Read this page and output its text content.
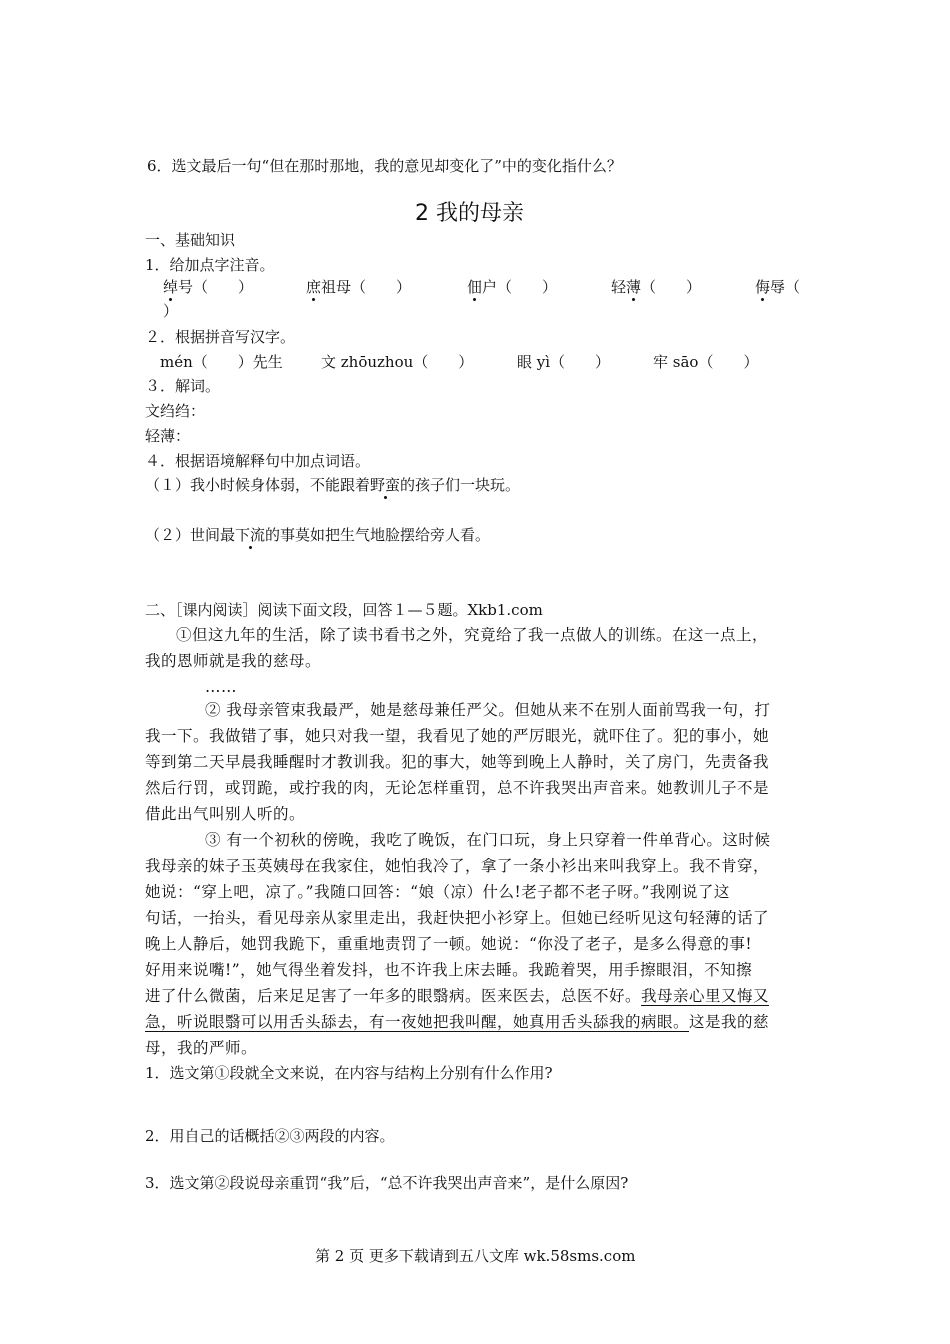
6．选文最后一句“但在那时那地，我的意见却变化了”中的变化指什么？
2 我的母亲
一、基础知识
1．给加点字注音。
绰号（　　）	庶祖母（　　）	佃户（　　）	轻薄（　　）	侮辱（
）
２．根据拼音写汉字。
mén（　　）先生	文 zhōuzhou（　　）	眼 yì（　　）	牢 sāo（　　）
３．解词。
文绉绉：
轻薄：
４．根据语境解释句中加点词语。
（１）我小时候身体弱，不能跟着野蛮的孩子们一块玩。
（２）世间最下流的事莫如把生气地脸摆给旁人看。
二、［课内阅读］阅读下面文段，回答１—５题。Xkb1.com
①但这九年的生活，除了读书看书之外，究竟给了我一点做人的训练。在这一点上，
我的恩师就是我的慈母。
……
② 我母亲管束我最严，她是慈母兼任严父。但她从来不在别人面前骂我一句，打
我一下。我做错了事，她只对我一望，我看见了她的严厉眼光，就吓住了。犯的事小，她
等到第二天早晨我睡醒时才教训我。犯的事大，她等到晚上人静时，关了房门，先责备我
然后行罚，或罚跪，或拧我的肉，无论怎样重罚，总不许我哭出声音来。她教训儿子不是
借此出气叫别人听的。
③ 有一个初秋的傍晚，我吃了晚饭，在门口玩，身上只穿着一件单背心。这时候
我母亲的妹子玉英姨母在我家住，她怕我冷了，拿了一条小衫出来叫我穿上。我不肯穿，
她说：“穿上吧，凉了。”我随口回答：“娘（凉）什么!老子都不老子呀。”我刚说了这
句话，一抬头，看见母亲从家里走出，我赶快把小衫穿上。但她已经听见这句轻薄的话了
晚上人静后，她罚我跪下，重重地责罚了一顿。她说：“你没了老子，是多么得意的事!
好用来说嘴!”，她气得坐着发抖，也不许我上床去睡。我跪着哭，用手擦眼泪，不知擦
进了什么微菌，后来足足害了一年多的眼翳病。医来医去，总医不好。我母亲心里又悔又
急，听说眼翳可以用舌头舔去，有一夜她把我叫醒，她真用舌头舔我的病眼。这是我的慈
母，我的严师。
1．选文第①段就全文来说，在内容与结构上分别有什么作用?
2．用自己的话概括②③两段的内容。
3．选文第②段说母亲重罚“我”后，“总不许我哭出声音来”，是什么原因?
第 2 页 更多下载请到五八文库 wk.58sms.com
